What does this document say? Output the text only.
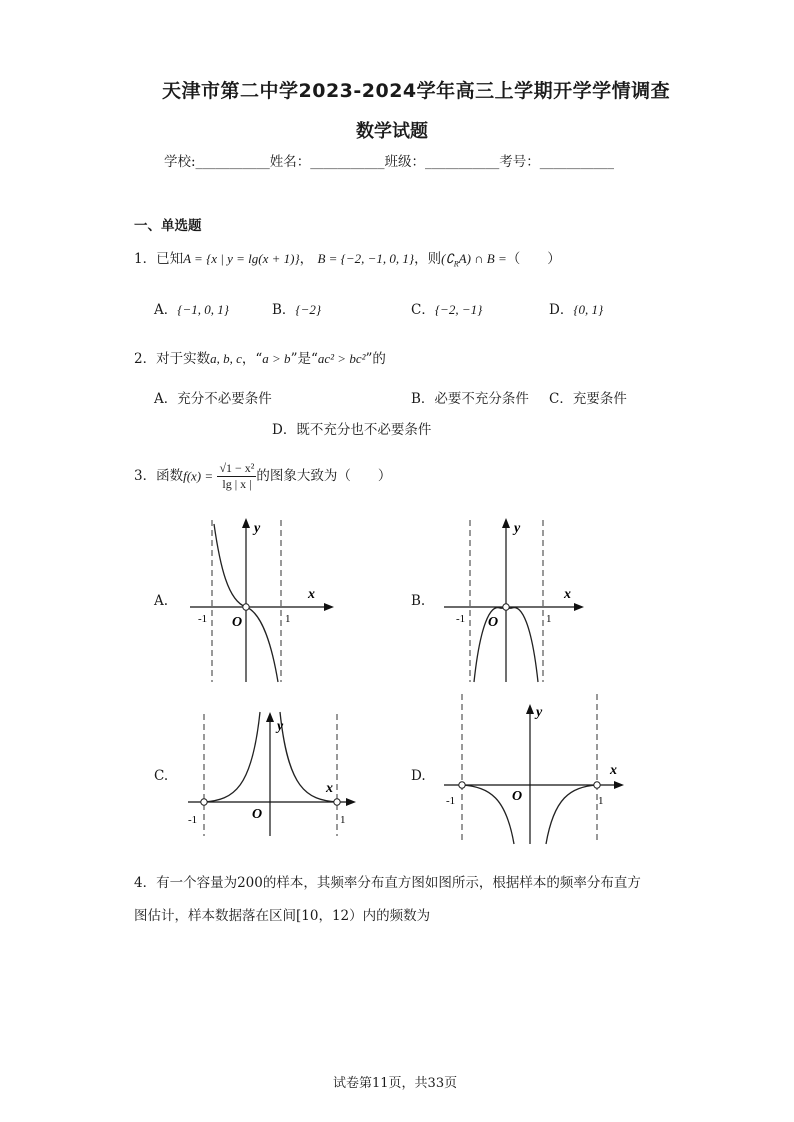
天津市第二中学2023-2024学年高三上学期开学学情调查
数学试题
学校:___________姓名：___________班级：___________考号：___________
一、单选题
1．已知A = {x | y = lg(x + 1)}， B = {−2, −1, 0, 1}，则$(∁_RA)$ ∩ B =（　　）
A．{−1, 0, 1}	B．{−2}	C．{−2, −1}	D．{0, 1}
2．对于实数a, b, c，“a > b”是“ac² > bc²”的
A．充分不必要条件	B．必要不充分条件 C．充要条件
D．既不充分也不必要条件
3．函数$f(x) = \frac{\text{√1 − x²}}{\lg | x |}$ 的图象大致为（　　）
A.
y
x
O
-1	1
B.
y
x
O
-1	1
C.
y
x
O
-1	1
D.
y
x
O
-1	1
4．有一个容量为200的样本，其频率分布直方图如图所示，根据样本的频率分布直方
图估计，样本数据落在区间[10，12）内的频数为
试卷第11页，共33页
